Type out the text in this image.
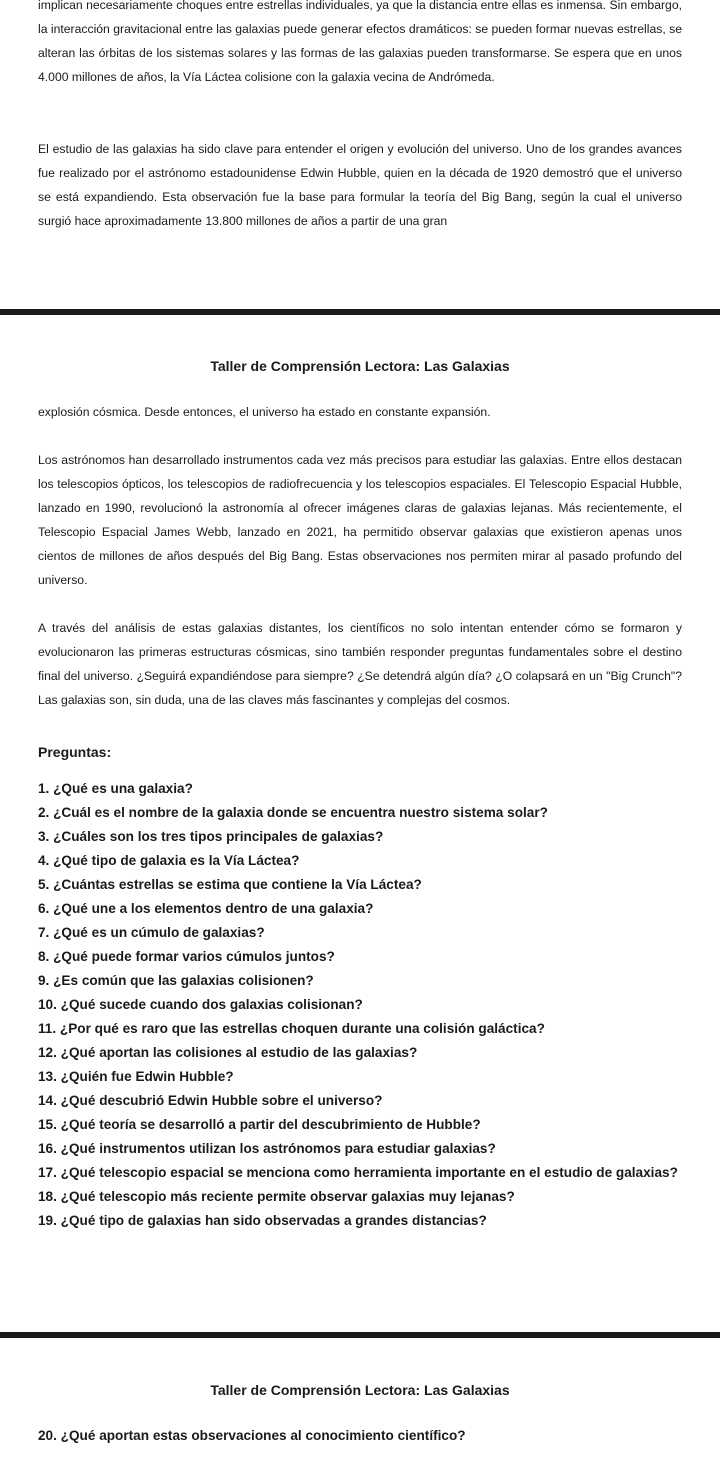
implican necesariamente choques entre estrellas individuales, ya que la distancia entre ellas es inmensa. Sin embargo, la interacción gravitacional entre las galaxias puede generar efectos dramáticos: se pueden formar nuevas estrellas, se alteran las órbitas de los sistemas solares y las formas de las galaxias pueden transformarse. Se espera que en unos 4.000 millones de años, la Vía Láctea colisione con la galaxia vecina de Andrómeda.

El estudio de las galaxias ha sido clave para entender el origen y evolución del universo. Uno de los grandes avances fue realizado por el astrónomo estadounidense Edwin Hubble, quien en la década de 1920 demostró que el universo se está expandiendo. Esta observación fue la base para formular la teoría del Big Bang, según la cual el universo surgió hace aproximadamente 13.800 millones de años a partir de una gran

Taller de Comprensión Lectora: Las Galaxias

explosión cósmica. Desde entonces, el universo ha estado en constante expansión.

Los astrónomos han desarrollado instrumentos cada vez más precisos para estudiar las galaxias. Entre ellos destacan los telescopios ópticos, los telescopios de radiofrecuencia y los telescopios espaciales. El Telescopio Espacial Hubble, lanzado en 1990, revolucionó la astronomía al ofrecer imágenes claras de galaxias lejanas. Más recientemente, el Telescopio Espacial James Webb, lanzado en 2021, ha permitido observar galaxias que existieron apenas unos cientos de millones de años después del Big Bang. Estas observaciones nos permiten mirar al pasado profundo del universo.

A través del análisis de estas galaxias distantes, los científicos no solo intentan entender cómo se formaron y evolucionaron las primeras estructuras cósmicas, sino también responder preguntas fundamentales sobre el destino final del universo. ¿Seguirá expandiéndose para siempre? ¿Se detendrá algún día? ¿O colapsará en un "Big Crunch"? Las galaxias son, sin duda, una de las claves más fascinantes y complejas del cosmos.

Preguntas:
1. ¿Qué es una galaxia?
2. ¿Cuál es el nombre de la galaxia donde se encuentra nuestro sistema solar?
3. ¿Cuáles son los tres tipos principales de galaxias?
4. ¿Qué tipo de galaxia es la Vía Láctea?
5. ¿Cuántas estrellas se estima que contiene la Vía Láctea?
6. ¿Qué une a los elementos dentro de una galaxia?
7. ¿Qué es un cúmulo de galaxias?
8. ¿Qué puede formar varios cúmulos juntos?
9. ¿Es común que las galaxias colisionen?
10. ¿Qué sucede cuando dos galaxias colisionan?
11. ¿Por qué es raro que las estrellas choquen durante una colisión galáctica?
12. ¿Qué aportan las colisiones al estudio de las galaxias?
13. ¿Quién fue Edwin Hubble?
14. ¿Qué descubrió Edwin Hubble sobre el universo?
15. ¿Qué teoría se desarrolló a partir del descubrimiento de Hubble?
16. ¿Qué instrumentos utilizan los astrónomos para estudiar galaxias?
17. ¿Qué telescopio espacial se menciona como herramienta importante en el estudio de galaxias?
18. ¿Qué telescopio más reciente permite observar galaxias muy lejanas?
19. ¿Qué tipo de galaxias han sido observadas a grandes distancias?
Taller de Comprensión Lectora: Las Galaxias
20. ¿Qué aportan estas observaciones al conocimiento científico?
